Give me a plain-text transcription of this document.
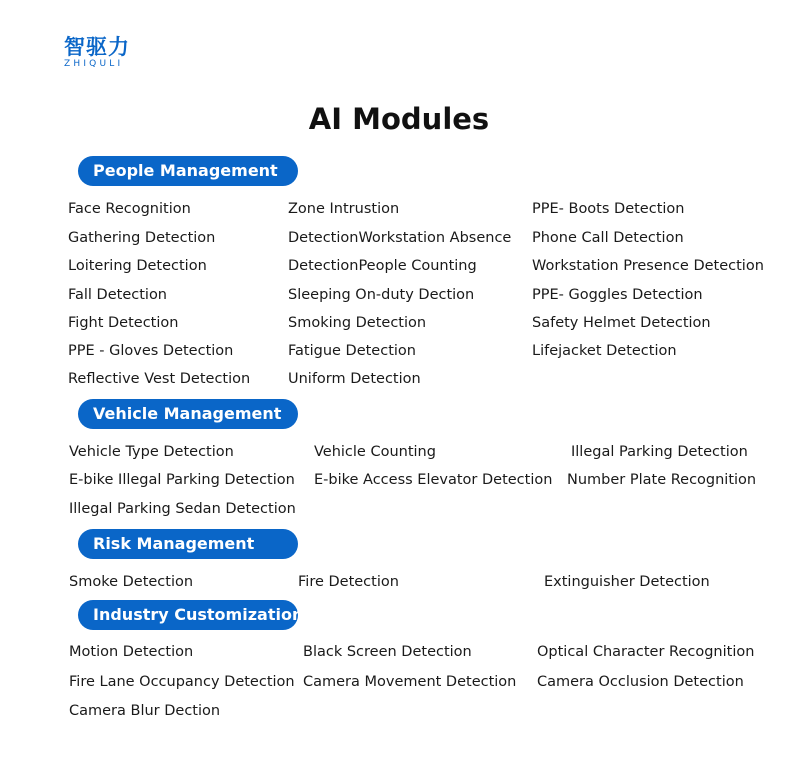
智驱力
ZHIQULI
AI Modules
People Management
Face Recognition
Gathering Detection
Loitering Detection
Fall Detection
Fight Detection
PPE - Gloves Detection
Reflective Vest Detection
Zone Intrustion
DetectionWorkstation Absence
DetectionPeople Counting
Sleeping On-duty Dection
Smoking Detection
Fatigue Detection
Uniform Detection
PPE- Boots Detection
Phone Call Detection
Workstation Presence Detection
PPE- Goggles Detection
Safety Helmet Detection
Lifejacket Detection
Vehicle Management
Vehicle Type Detection
E-bike Illegal Parking Detection
Illegal Parking Sedan Detection
Vehicle Counting
E-bike Access Elevator Detection
Illegal Parking Detection
Number Plate Recognition
Risk Management
Smoke Detection	Fire Detection	Extinguisher Detection
Industry Customization
Motion Detection
Fire Lane Occupancy Detection
Camera Blur Dection
Black Screen Detection
Camera Movement Detection
Optical Character Recognition
Camera Occlusion Detection
